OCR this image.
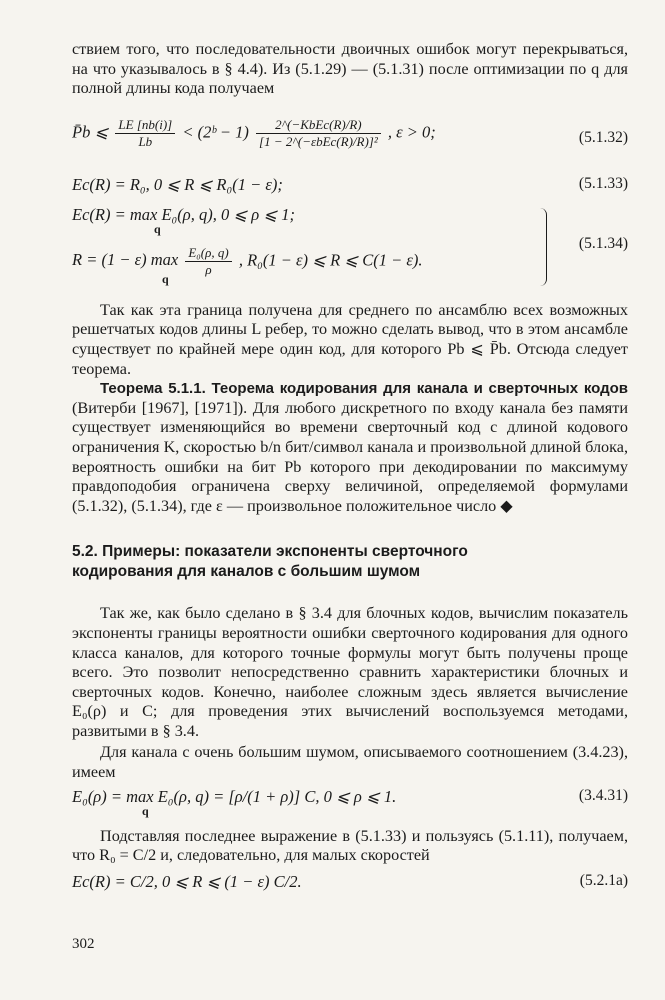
ствием того, что последовательности двоичных ошибок могут перекрываться, на что указывалось в § 4.4). Из (5.1.29) — (5.1.31) после оптимизации по q для полной длины кода получаем

P̄b ⩽ $\frac{LE [nb(i)]}{Lb}$ < (2ᵇ − $1) \frac{\text{2\textasciicircum{}(−KbEc(R)/R)}}{\text{[1 − 2\textasciicircum{}(−εbEc(R)/R)]²}}$ , ε > 0;	(5.1.32)
Ec(R) = R₀, 0 ⩽ R ⩽ R₀(1 − ε);	(5.1.33)
Ec(R) = max E₀(ρ, q), 0 ⩽ ρ ⩽ 1;
q
R = (1 − ε) max
q

$\frac{\text{E₀(ρ, q)}}{\rho}$ , R₀(1 − ε) ⩽ R ⩽ C(1 − ε).
(5.1.34)

Так как эта граница получена для среднего по ансамблю всех возможных решетчатых кодов длины L ребер, то можно сделать вывод, что в этом ансамбле существует по крайней мере один код, для которого Pb ⩽ P̄b. Отсюда следует теорема.

Теорема 5.1.1. Теорема кодирования для канала и сверточных кодов (Витерби [1967], [1971]). Для любого дискретного по входу канала без памяти существует изменяющийся во времени сверточный код с длиной кодового ограничения K, скоростью b/n бит/символ канала и произвольной длиной блока, вероятность ошибки на бит Pb которого при декодировании по максимуму правдоподобия ограничена сверху величиной, определяемой формулами (5.1.32), (5.1.34), где ε — произвольное положительное число ◆

5.2. Примеры: показатели экспоненты сверточного
кодирования для каналов с большим шумом

Так же, как было сделано в § 3.4 для блочных кодов, вычислим показатель экспоненты границы вероятности ошибки сверточного кодирования для одного класса каналов, для которого точные формулы могут быть получены проще всего. Это позволит непосредственно сравнить характеристики блочных и сверточных кодов. Конечно, наиболее сложным здесь является вычисление E₀(ρ) и C; для проведения этих вычислений воспользуемся методами, развитыми в § 3.4.

Для канала с очень большим шумом, описываемого соотношением (3.4.23), имеем

E₀(ρ) = max E₀(ρ, q) = [ρ/(1 + ρ)] C, 0 ⩽ ρ ⩽ 1.
q
(3.4.31)

Подставляя последнее выражение в (5.1.33) и пользуясь (5.1.11), получаем, что R₀ = C/2 и, следовательно, для малых скоростей

Ec(R) = C/2, 0 ⩽ R ⩽ (1 − ε) C/2.	(5.2.1a)
302
